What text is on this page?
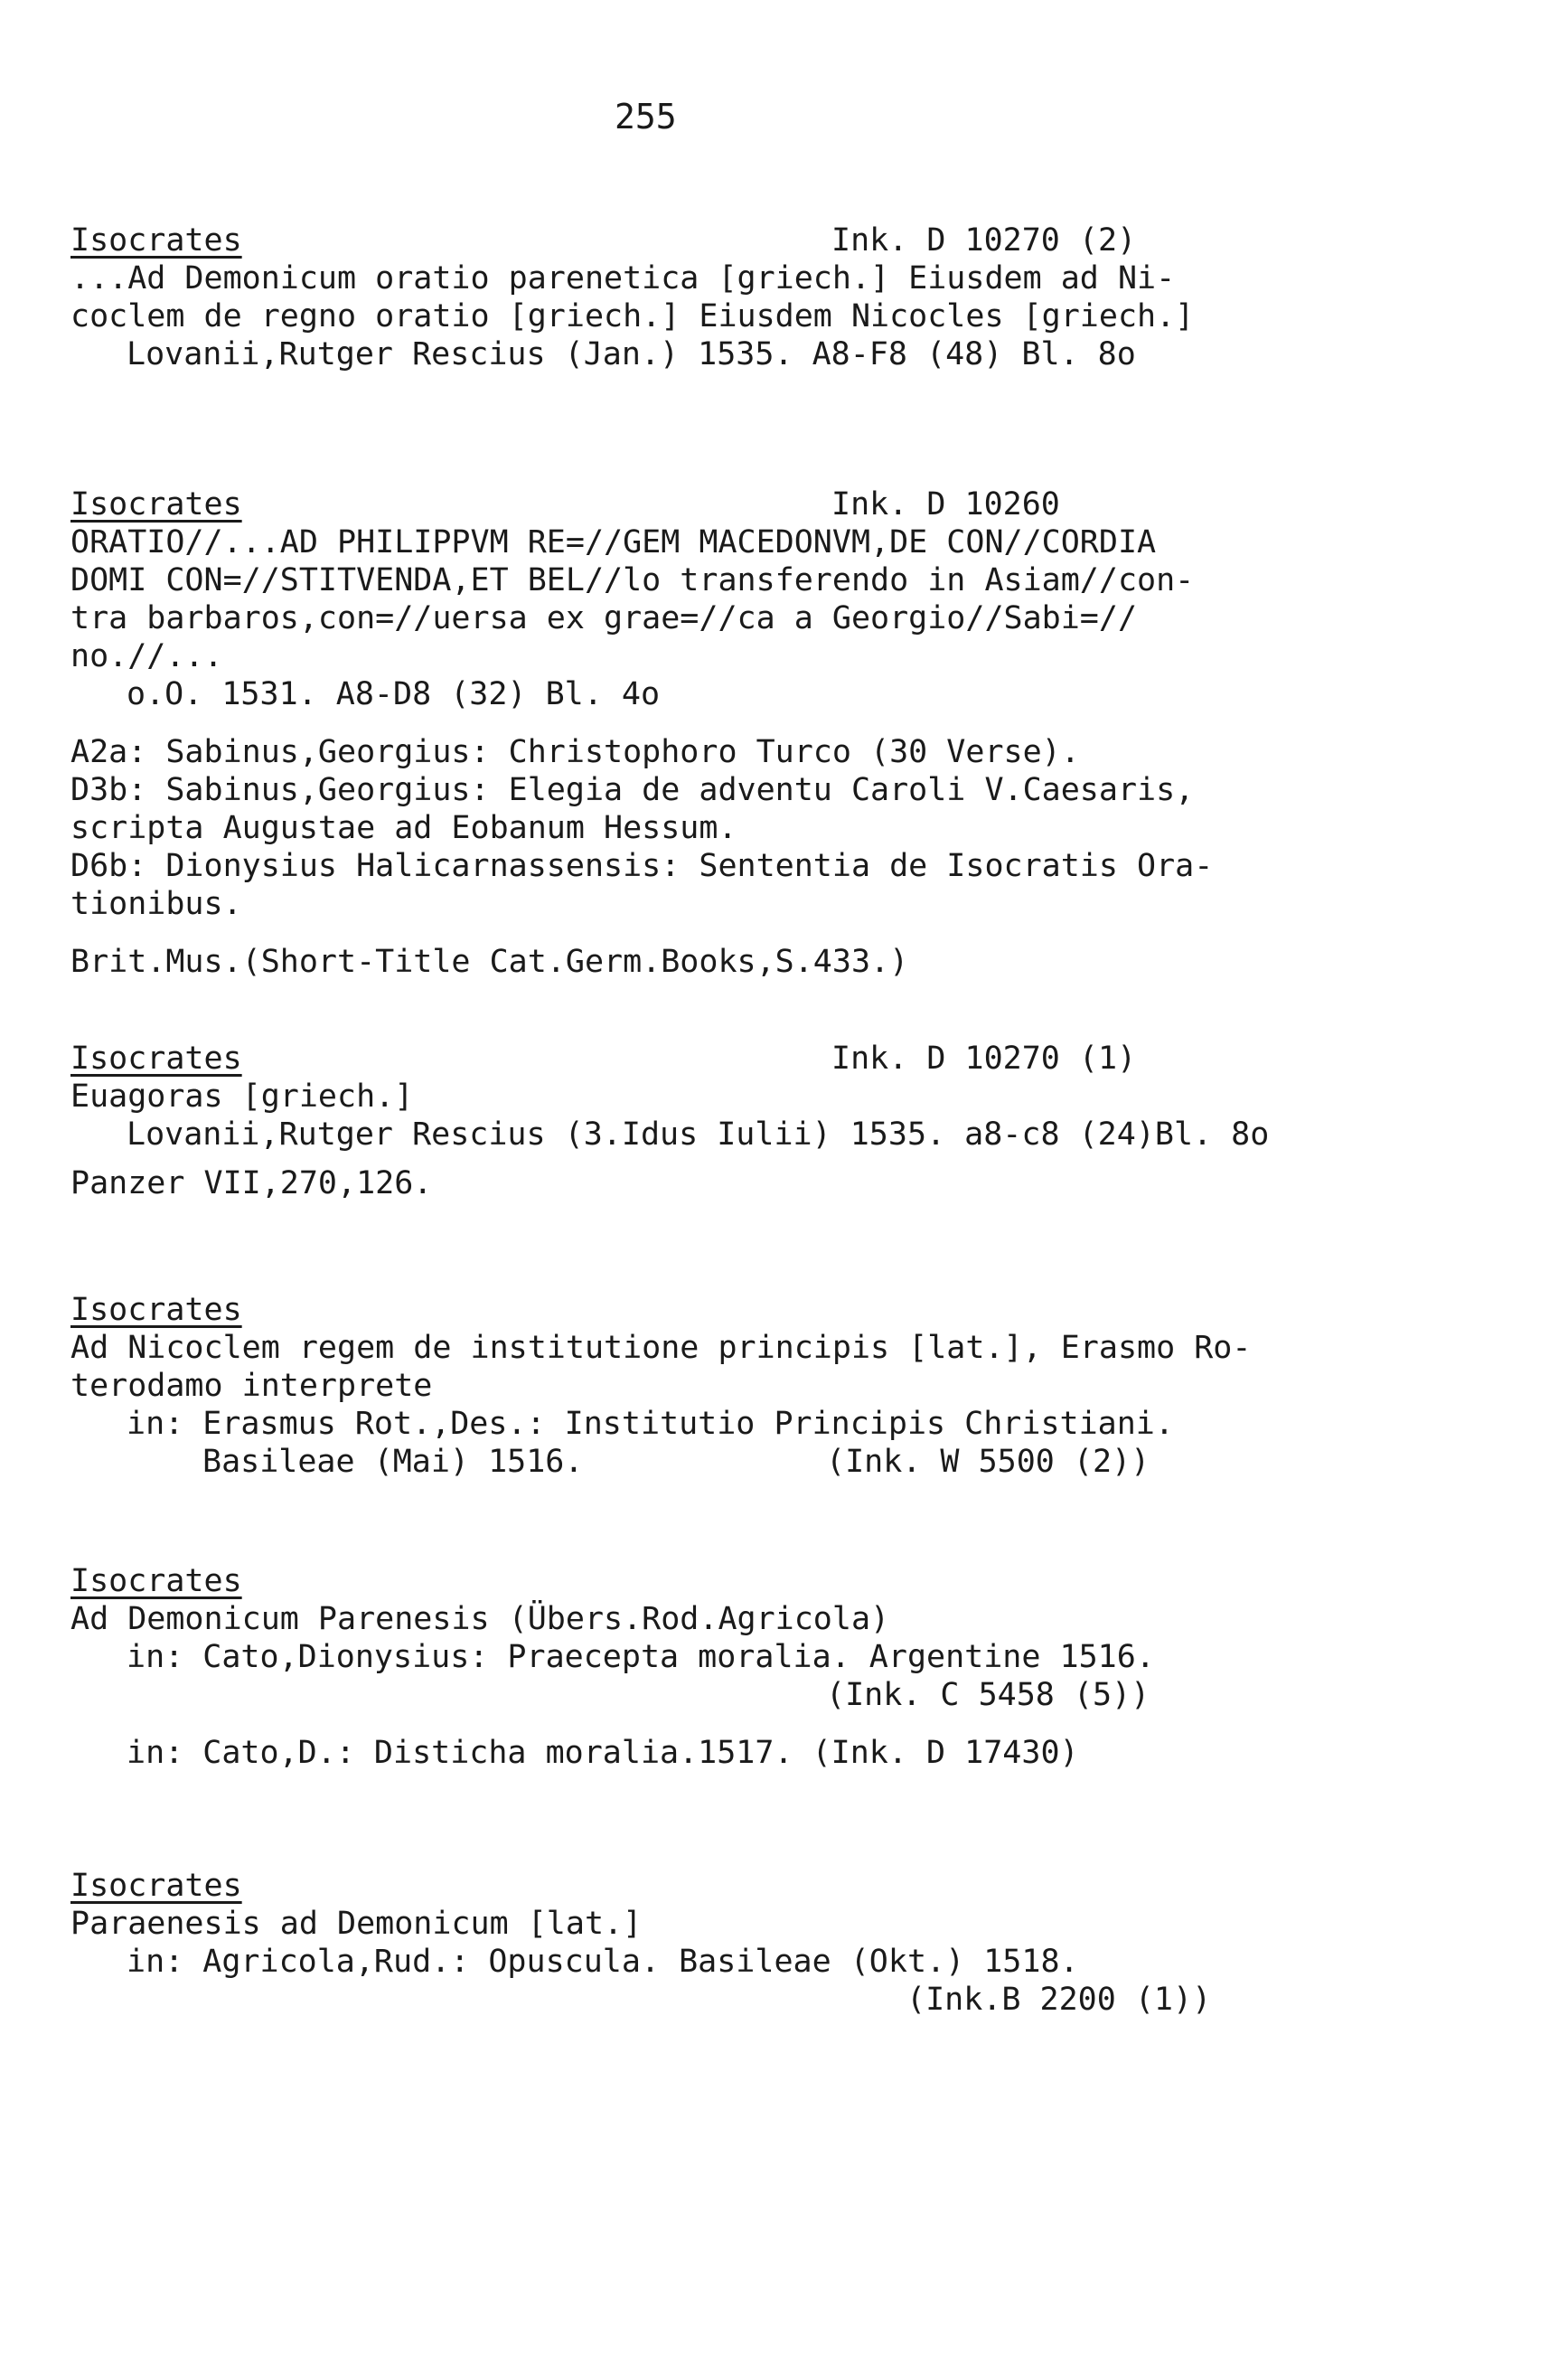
255
Isocrates	Ink. D 10270 (2)
...Ad Demonicum oratio parenetica [griech.] Eiusdem ad Ni-
coclem de regno oratio [griech.] Eiusdem Nicocles [griech.]
Lovanii,Rutger Rescius (Jan.) 1535. A8-F8 (48) Bl. 8o
Isocrates	Ink. D 10260
ORATIO//...AD PHILIPPVM RE=//GEM MACEDONVM,DE CON//CORDIA
DOMI CON=//STITVENDA,ET BEL//lo transferendo in Asiam//con-
tra barbaros,con=//uersa ex grae=//ca a Georgio//Sabi=//
no.//...
o.O. 1531. A8-D8 (32) Bl. 4o
A2a: Sabinus,Georgius: Christophoro Turco (30 Verse).
D3b: Sabinus,Georgius: Elegia de adventu Caroli V.Caesaris,
scripta Augustae ad Eobanum Hessum.
D6b: Dionysius Halicarnassensis: Sententia de Isocratis Ora-
tionibus.
Brit.Mus.(Short-Title Cat.Germ.Books,S.433.)
Isocrates	Ink. D 10270 (1)
Euagoras [griech.]
Lovanii,Rutger Rescius (3.Idus Iulii) 1535. a8-c8 (24)Bl. 8o
Panzer VII,270,126.
Isocrates
Ad Nicoclem regem de institutione principis [lat.], Erasmo Ro-
terodamo interprete
in: Erasmus Rot.,Des.: Institutio Principis Christiani.
Basileae (Mai) 1516.	(Ink. W 5500 (2))
Isocrates
Ad Demonicum Parenesis (Übers.Rod.Agricola)
in: Cato,Dionysius: Praecepta moralia. Argentine 1516.
(Ink. C 5458 (5))
in: Cato,D.: Disticha moralia.1517. (Ink. D 17430)
Isocrates
Paraenesis ad Demonicum [lat.]
in: Agricola,Rud.: Opuscula. Basileae (Okt.) 1518.
(Ink.B 2200 (1))
